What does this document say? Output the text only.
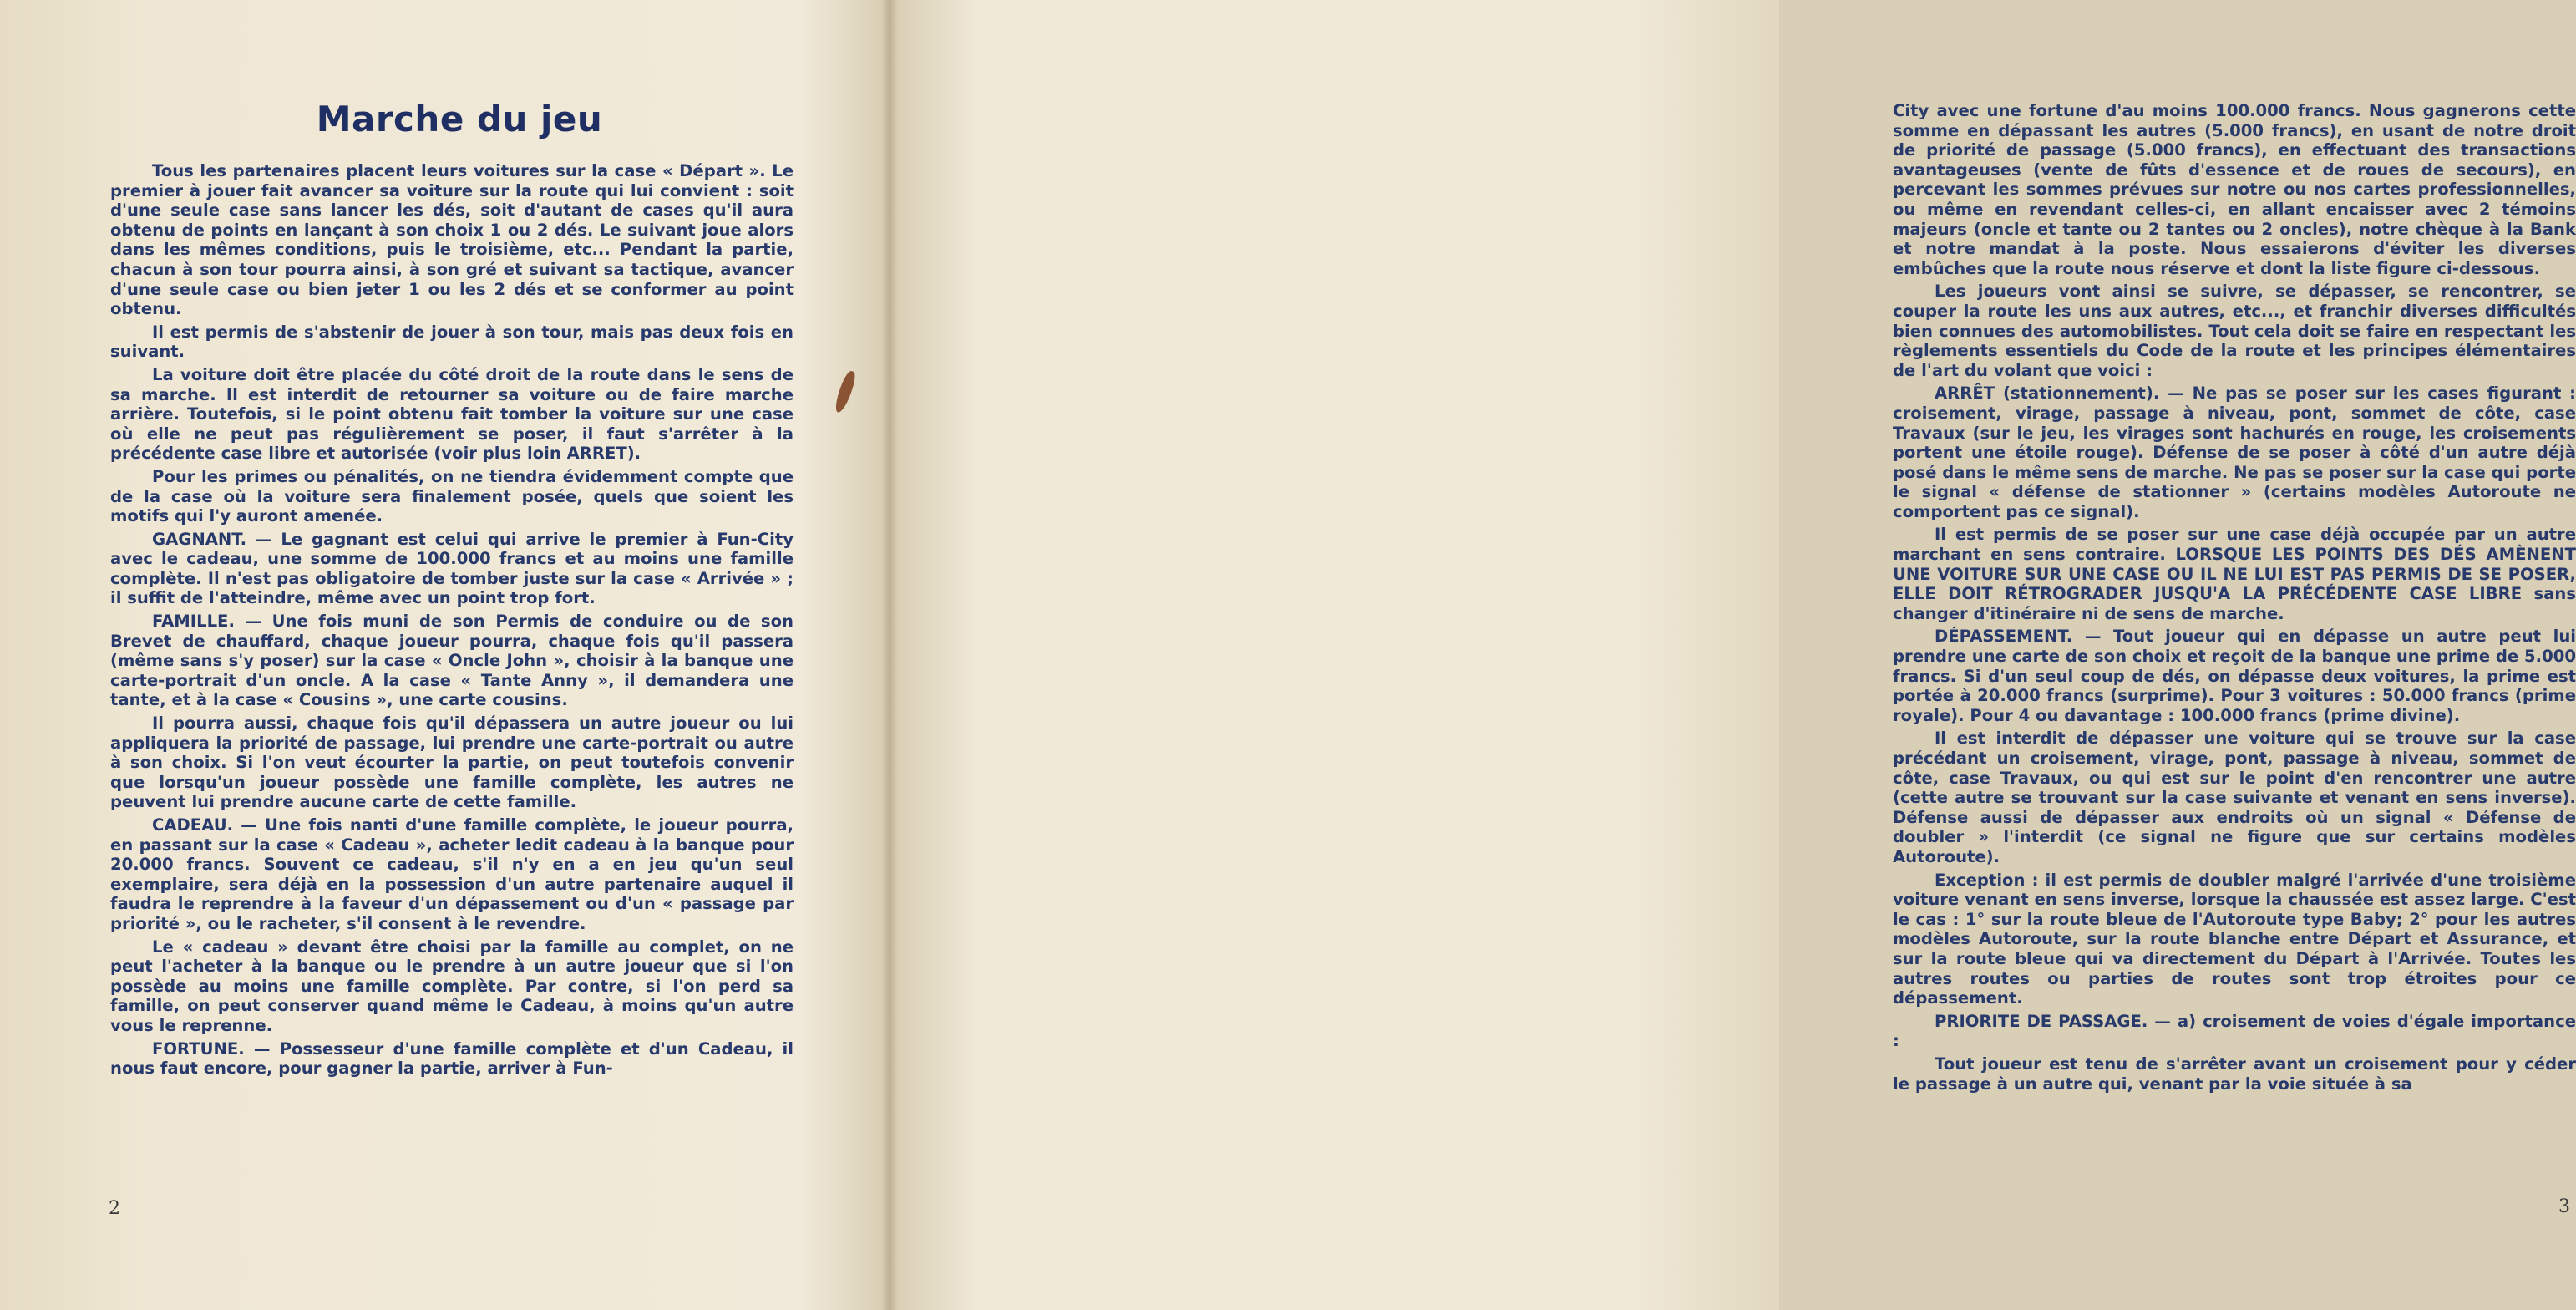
Marche du jeu

Tous les partenaires placent leurs voitures sur la case « Départ ». Le premier à jouer fait avancer sa voiture sur la route qui lui convient : soit d'une seule case sans lancer les dés, soit d'autant de cases qu'il aura obtenu de points en lançant à son choix 1 ou 2 dés. Le suivant joue alors dans les mêmes conditions, puis le troisième, etc... Pendant la partie, chacun à son tour pourra ainsi, à son gré et suivant sa tactique, avancer d'une seule case ou bien jeter 1 ou les 2 dés et se conformer au point obtenu.

Il est permis de s'abstenir de jouer à son tour, mais pas deux fois en suivant.

La voiture doit être placée du côté droit de la route dans le sens de sa marche. Il est interdit de retourner sa voiture ou de faire marche arrière. Toutefois, si le point obtenu fait tomber la voiture sur une case où elle ne peut pas régulièrement se poser, il faut s'arrêter à la précédente case libre et autorisée (voir plus loin ARRET).

Pour les primes ou pénalités, on ne tiendra évidemment compte que de la case où la voiture sera finalement posée, quels que soient les motifs qui l'y auront amenée.

GAGNANT. — Le gagnant est celui qui arrive le premier à Fun-City avec le cadeau, une somme de 100.000 francs et au moins une famille complète. Il n'est pas obligatoire de tomber juste sur la case « Arrivée » ; il suffit de l'atteindre, même avec un point trop fort.

FAMILLE. — Une fois muni de son Permis de conduire ou de son Brevet de chauffard, chaque joueur pourra, chaque fois qu'il passera (même sans s'y poser) sur la case « Oncle John », choisir à la banque une carte-portrait d'un oncle. A la case « Tante Anny », il demandera une tante, et à la case « Cousins », une carte cousins.

Il pourra aussi, chaque fois qu'il dépassera un autre joueur ou lui appliquera la priorité de passage, lui prendre une carte-portrait ou autre à son choix. Si l'on veut écourter la partie, on peut toutefois convenir que lorsqu'un joueur possède une famille complète, les autres ne peuvent lui prendre aucune carte de cette famille.

CADEAU. — Une fois nanti d'une famille complète, le joueur pourra, en passant sur la case « Cadeau », acheter ledit cadeau à la banque pour 20.000 francs. Souvent ce cadeau, s'il n'y en a en jeu qu'un seul exemplaire, sera déjà en la possession d'un autre partenaire auquel il faudra le reprendre à la faveur d'un dépassement ou d'un « passage par priorité », ou le racheter, s'il consent à le revendre.

Le « cadeau » devant être choisi par la famille au complet, on ne peut l'acheter à la banque ou le prendre à un autre joueur que si l'on possède au moins une famille complète. Par contre, si l'on perd sa famille, on peut conserver quand même le Cadeau, à moins qu'un autre vous le reprenne.

FORTUNE. — Possesseur d'une famille complète et d'un Cadeau, il nous faut encore, pour gagner la partie, arriver à Fun-

2

City avec une fortune d'au moins 100.000 francs. Nous gagnerons cette somme en dépassant les autres (5.000 francs), en usant de notre droit de priorité de passage (5.000 francs), en effectuant des transactions avantageuses (vente de fûts d'essence et de roues de secours), en percevant les sommes prévues sur notre ou nos cartes professionnelles, ou même en revendant celles-ci, en allant encaisser avec 2 témoins majeurs (oncle et tante ou 2 tantes ou 2 oncles), notre chèque à la Bank et notre mandat à la poste. Nous essaierons d'éviter les diverses embûches que la route nous réserve et dont la liste figure ci-dessous.

Les joueurs vont ainsi se suivre, se dépasser, se rencontrer, se couper la route les uns aux autres, etc..., et franchir diverses difficultés bien connues des automobilistes. Tout cela doit se faire en respectant les règlements essentiels du Code de la route et les principes élémentaires de l'art du volant que voici :

ARRÊT (stationnement). — Ne pas se poser sur les cases figurant : croisement, virage, passage à niveau, pont, sommet de côte, case Travaux (sur le jeu, les virages sont hachurés en rouge, les croisements portent une étoile rouge). Défense de se poser à côté d'un autre déjà posé dans le même sens de marche. Ne pas se poser sur la case qui porte le signal « défense de stationner » (certains modèles Autoroute ne comportent pas ce signal).

Il est permis de se poser sur une case déjà occupée par un autre marchant en sens contraire. LORSQUE LES POINTS DES DÉS AMÈNENT UNE VOITURE SUR UNE CASE OU IL NE LUI EST PAS PERMIS DE SE POSER, ELLE DOIT RÉTROGRADER JUSQU'A LA PRÉCÉDENTE CASE LIBRE sans changer d'itinéraire ni de sens de marche.

DÉPASSEMENT. — Tout joueur qui en dépasse un autre peut lui prendre une carte de son choix et reçoit de la banque une prime de 5.000 francs. Si d'un seul coup de dés, on dépasse deux voitures, la prime est portée à 20.000 francs (surprime). Pour 3 voitures : 50.000 francs (prime royale). Pour 4 ou davantage : 100.000 francs (prime divine).

Il est interdit de dépasser une voiture qui se trouve sur la case précédant un croisement, virage, pont, passage à niveau, sommet de côte, case Travaux, ou qui est sur le point d'en rencontrer une autre (cette autre se trouvant sur la case suivante et venant en sens inverse). Défense aussi de dépasser aux endroits où un signal « Défense de doubler » l'interdit (ce signal ne figure que sur certains modèles Autoroute).

Exception : il est permis de doubler malgré l'arrivée d'une troisième voiture venant en sens inverse, lorsque la chaussée est assez large. C'est le cas : 1° sur la route bleue de l'Autoroute type Baby; 2° pour les autres modèles Autoroute, sur la route blanche entre Départ et Assurance, et sur la route bleue qui va directement du Départ à l'Arrivée. Toutes les autres routes ou parties de routes sont trop étroites pour ce dépassement.

PRIORITE DE PASSAGE. — a) croisement de voies d'égale importance :

Tout joueur est tenu de s'arrêter avant un croisement pour y céder le passage à un autre qui, venant par la voie située à sa

3
